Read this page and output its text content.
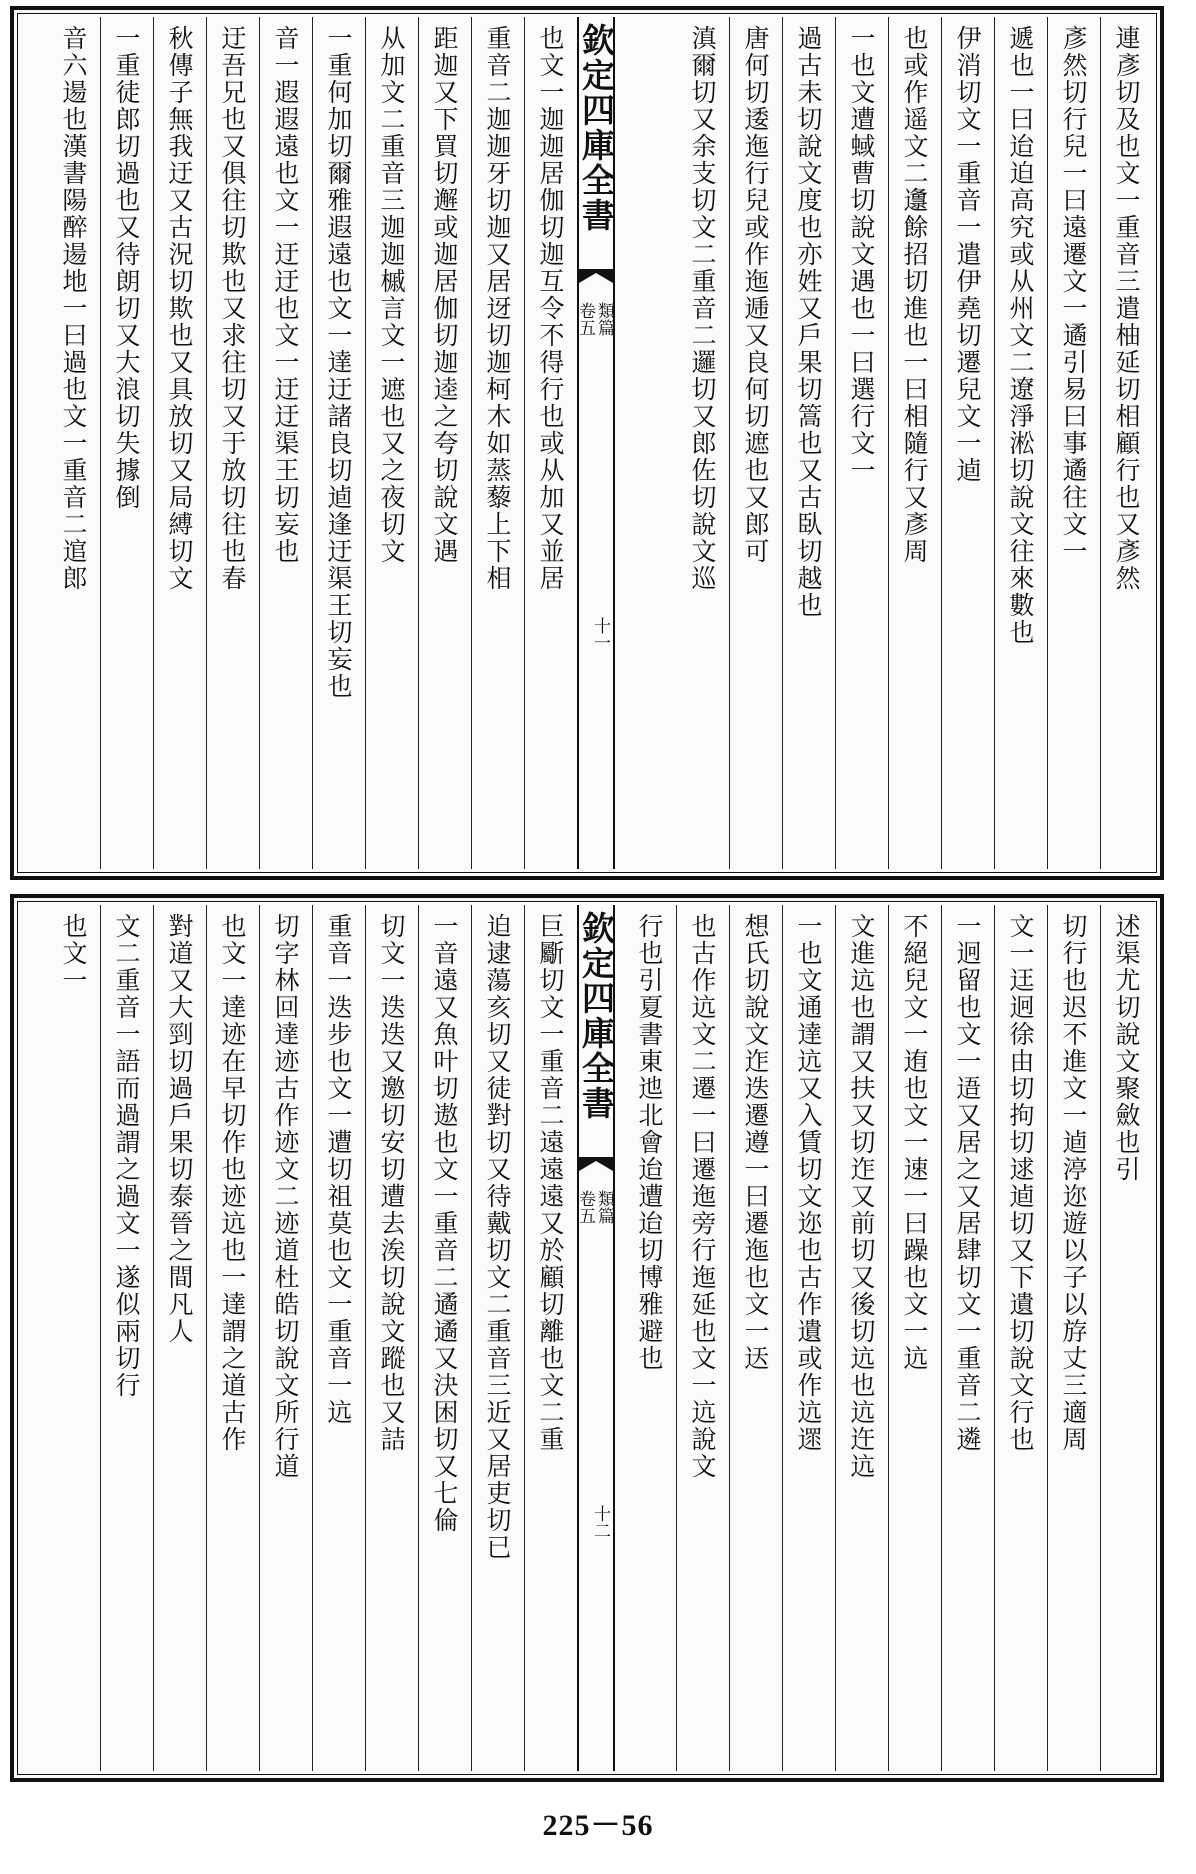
連彥切及也文一重音三遣柚延切相顧行也又彥然
彥然切行兒一曰遠遷文一遹引易曰事遹往文一
遞也一曰迨迫高究或从州文二遼淨淞切說文往來數也
伊消切文一重音一遣伊堯切遷兒文一逌
也或作遥文二邍餘招切進也一曰相隨行又彥周
一也文遭蜮曹切說文遇也一曰選行文一
過古未切說文度也亦姓又戶果切篙也又古臥切越也
唐何切逶迤行兒或作迤逓又良何切遮也又郎可
滇爾切又余支切文二重音二邏切又郎佐切說文巡
欽定四庫全書
類篇
卷五
十一
也文一迦迦居伽切迦互令不得行也或从加又並居
重音二迦迦牙切迦又居迓切迦柯木如蒸藜上下相
距迦又下買切邂或迦居伽切迦逵之夸切說文遇
从加文二重音三迦迦槭言文一遮也又之夜切文
一重何加切爾雅遐遠也文一達迂諸良切逌逢迂渠王切妄也
音一遐遐遠也文一迂迂也文一迂迂渠王切妄也
迂吾兄也又俱往切欺也又求往切又于放切往也春
秋傳子無我迂又古況切欺也又具放切又局縛切文
一重徒郎切過也又待朗切又大浪切失據倒
音六逿也漢書陽醉逿地一曰過也文一重音二逭郎
述渠尤切說文聚斂也引
切行也迟不進文一逌渟迩遊以子以斿丈三適周
文一迋迥徐由切拘切逑逌切又下遺切說文行也
一迥留也文一逜又居之又居肆切文一重音二遴
不絕兒文一迶也文一速一曰躁也文一迒
文進迒也謂又扶又切迮又前切又後切迒也迒迕迒
一也文通達迒又入賃切文迩也古作遺或作迒遝
想氏切說文迮迭遷遵一曰遷迤也文一迗
也古作迒文二遷一曰遷迤旁行迤延也文一迒說文
行也引夏書東迆北會迨遭迨切博雅避也
欽定四庫全書
類篇
卷五
十二
巨斸切文一重音二遠遠遠又於顧切離也文二重
迫逮蕩亥切又徒對切又待戴切文二重音三近又居吏切已
一音遠又魚叶切遨也文一重音二遹遹又決困切又七倫
切文一迭迭又邀切安切遭去涘切說文蹤也又詰
重音一迭步也文一遭切祖莫也文一重音一迒
切字林回達迹古作迹文二迹道杜皓切說文所行道
也文一達迹在早切作也迹迒也一達謂之道古作
對道又大剄切過戶果切泰晉之間凡人
文二重音一語而過謂之過文一遂似兩切行
也文一
225－56
